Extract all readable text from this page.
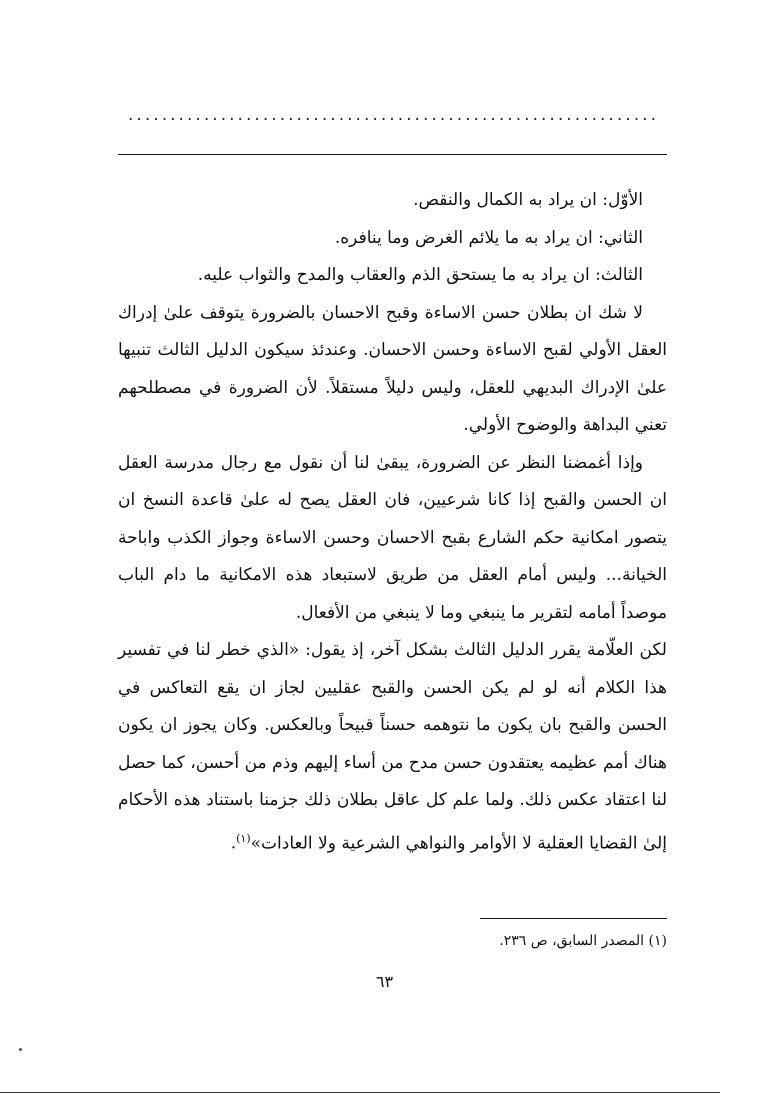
...............................................................

الأوّل: ان يراد به الكمال والنقص.

الثاني: ان يراد به ما يلائم الغرض وما ينافره.

الثالث: ان يراد به ما يستحق الذم والعقاب والمدح والثواب عليه.

لا شك ان بطلان حسن الاساءة وقبح الاحسان بالضرورة يتوقف علىٰ إدراك العقل الأولي لقبح الاساءة وحسن الاحسان. وعندئذ سيكون الدليل الثالث تنبيها علىٰ الإدراك البديهي للعقل، وليس دليلاً مستقلاً. لأن الضرورة في مصطلحهم تعني البداهة والوضوح الأولي.

وإذا أغمضنا النظر عن الضرورة، يبقىٰ لنا أن نقول مع رجال مدرسة العقل ان الحسن والقبح إذا كانا شرعيين، فان العقل يصح له علىٰ قاعدة النسخ ان يتصور امكانية حكم الشارع بقبح الاحسان وحسن الاساءة وجواز الكذب واباحة الخيانة... وليس أمام العقل من طريق لاستبعاد هذه الامكانية ما دام الباب موصداً أمامه لتقرير ما ينبغي وما لا ينبغي من الأفعال.

لكن العلّامة يقرر الدليل الثالث بشكل آخر، إذ يقول: «الذي خطر لنا في تفسير هذا الكلام أنه لو لم يكن الحسن والقبح عقليين لجاز ان يقع التعاكس في الحسن والقبح بان يكون ما نتوهمه حسناً قبيحاً وبالعكس. وكان يجوز ان يكون هناك أمم عظيمه يعتقدون حسن مدح من أساء إليهم وذم من أحسن، كما حصل لنا اعتقاد عكس ذلك. ولما علم كل عاقل بطلان ذلك جزمنا باستناد هذه الأحكام إلىٰ القضايا العقلية لا الأوامر والنواهي الشرعية ولا العادات»$^{(١)}$.

(١) المصدر السابق، ص ٢٣٦.
٦٣
